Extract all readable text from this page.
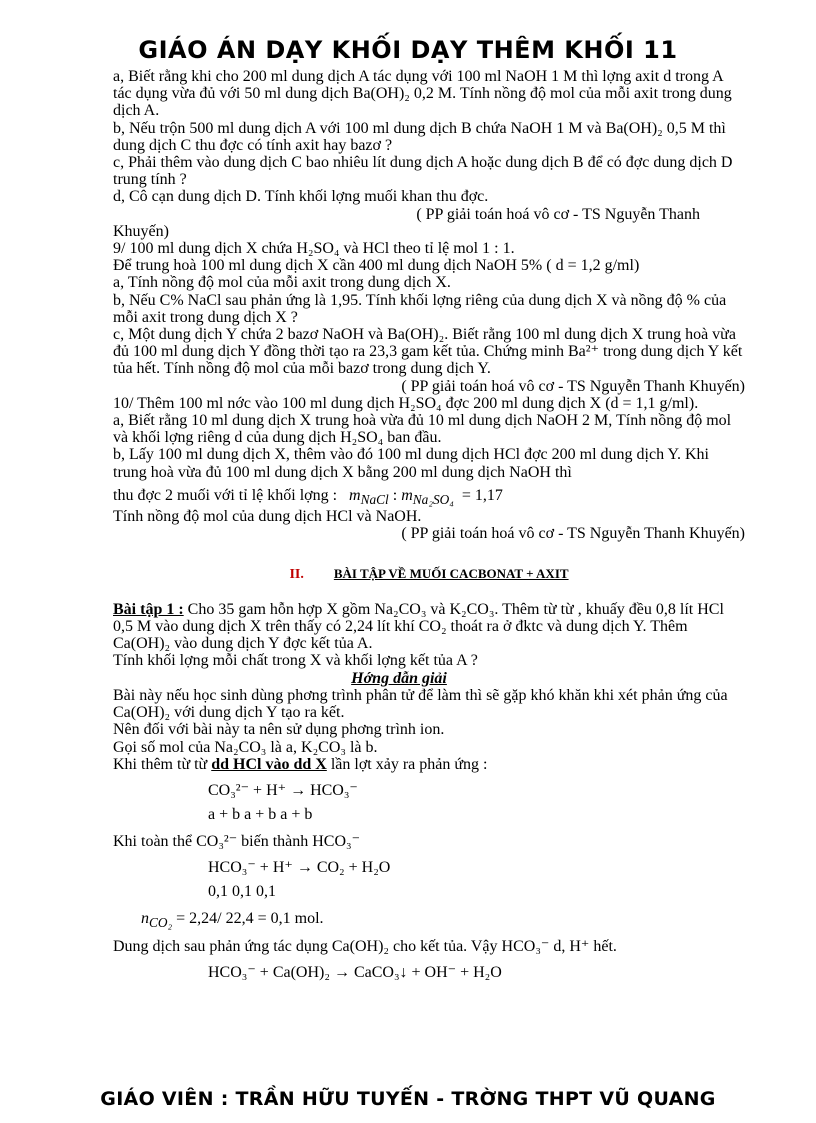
GIÁO ÁN DẠY KHỐI DẠY THÊM KHỐI 11

a, Biết rằng khi cho 200 ml dung dịch A tác dụng với 100 ml NaOH 1 M thì lợng axit d trong A tác dụng vừa đủ với 50 ml dung dịch Ba(OH)₂ 0,2 M. Tính nồng độ mol của mỗi axit trong dung dịch A.

b, Nếu trộn 500 ml dung dịch A với 100 ml dung dịch B chứa NaOH 1 M và Ba(OH)₂ 0,5 M thì dung dịch C thu đợc có tính axit hay bazơ ?

c, Phải thêm vào dung dịch C bao nhiêu lít dung dịch A hoặc dung dịch B để có đợc dung dịch D trung tính ?

d, Cô cạn dung dịch D. Tính khối lợng muối khan thu đợc.

( PP giải toán hoá vô cơ - TS Nguyễn Thanh

Khuyến)

9/ 100 ml dung dịch X chứa H₂SO₄ và HCl theo tỉ lệ mol 1 : 1.

Để trung hoà 100 ml dung dịch X cần 400 ml dung dịch NaOH 5% ( d = 1,2 g/ml)

a, Tính nồng độ mol của mỗi axit trong dung dịch X.

b, Nếu C% NaCl sau phản ứng là 1,95. Tính khối lợng riêng của dung dịch X và nồng độ % của mỗi axit trong dung dịch X ?

c, Một dung dịch Y chứa 2 bazơ NaOH và Ba(OH)₂. Biết rằng 100 ml dung dịch X trung hoà vừa đủ 100 ml dung dịch Y đồng thời tạo ra 23,3 gam kết tủa. Chứng minh Ba²⁺ trong dung dịch Y kết tủa hết. Tính nồng độ mol của mỗi bazơ trong dung dịch Y.

( PP giải toán hoá vô cơ - TS Nguyễn Thanh Khuyến)

10/ Thêm 100 ml nớc vào 100 ml dung dịch H₂SO₄ đợc 200 ml dung dịch X (d = 1,1 g/ml).

a, Biết rằng 10 ml dung dịch X trung hoà vừa đủ 10 ml dung dịch NaOH 2 M, Tính nồng độ mol và khối lợng riêng d của dung dịch H₂SO₄ ban đầu.

b, Lấy 100 ml dung dịch X, thêm vào đó 100 ml dung dịch HCl đợc 200 ml dung dịch Y. Khi trung hoà vừa đủ 100 ml dung dịch X bằng 200 ml dung dịch NaOH thì

thu đợc 2 muối với tỉ lệ khối lợng : $m_{NaCl}$ : $m_{Na_2SO_4} = 1,17$

Tính nồng độ mol của dung dịch HCl và NaOH.

( PP giải toán hoá vô cơ - TS Nguyễn Thanh Khuyến)

II. BÀI TẬP VỀ MUỐI CACBONAT + AXIT

Bài tập 1 : Cho 35 gam hỗn hợp X gồm Na₂CO₃ và K₂CO₃. Thêm từ từ , khuấy đều 0,8 lít HCl 0,5 M vào dung dịch X trên thấy có 2,24 lít khí CO₂ thoát ra ở đktc và dung dịch Y. Thêm Ca(OH)₂ vào dung dịch Y đợc kết tủa A.

Tính khối lợng mỗi chất trong X và khối lợng kết tủa A ?

Hớng dẫn giải

Bài này nếu học sinh dùng phơng trình phân tử để làm thì sẽ gặp khó khăn khi xét phản ứng của Ca(OH)₂ với dung dịch Y tạo ra kết.

Nên đối với bài này ta nên sử dụng phơng trình ion.

Gọi số mol của Na₂CO₃ là a, K₂CO₃ là b.

Khi thêm từ từ dd HCl vào dd X lần lợt xảy ra phản ứng :

CO₃²⁻ + H⁺ → HCO₃⁻

a + b a + b a + b

Khi toàn thể CO₃²⁻ biến thành HCO₃⁻

HCO₃⁻ + H⁺ → CO₂ + H₂O

0,1 0,1 0,1

$n_{CO_2} = 2,24/$ 22,4 = 0,1 mol.

Dung dịch sau phản ứng tác dụng Ca(OH)₂ cho kết tủa. Vậy HCO₃⁻ d, H⁺ hết.

HCO₃⁻ + Ca(OH)₂ → CaCO₃↓ + OH⁻ + H₂O

GIÁO VIÊN : TRẦN HỮU TUYẾN - TRỜNG THPT VŨ QUANG
